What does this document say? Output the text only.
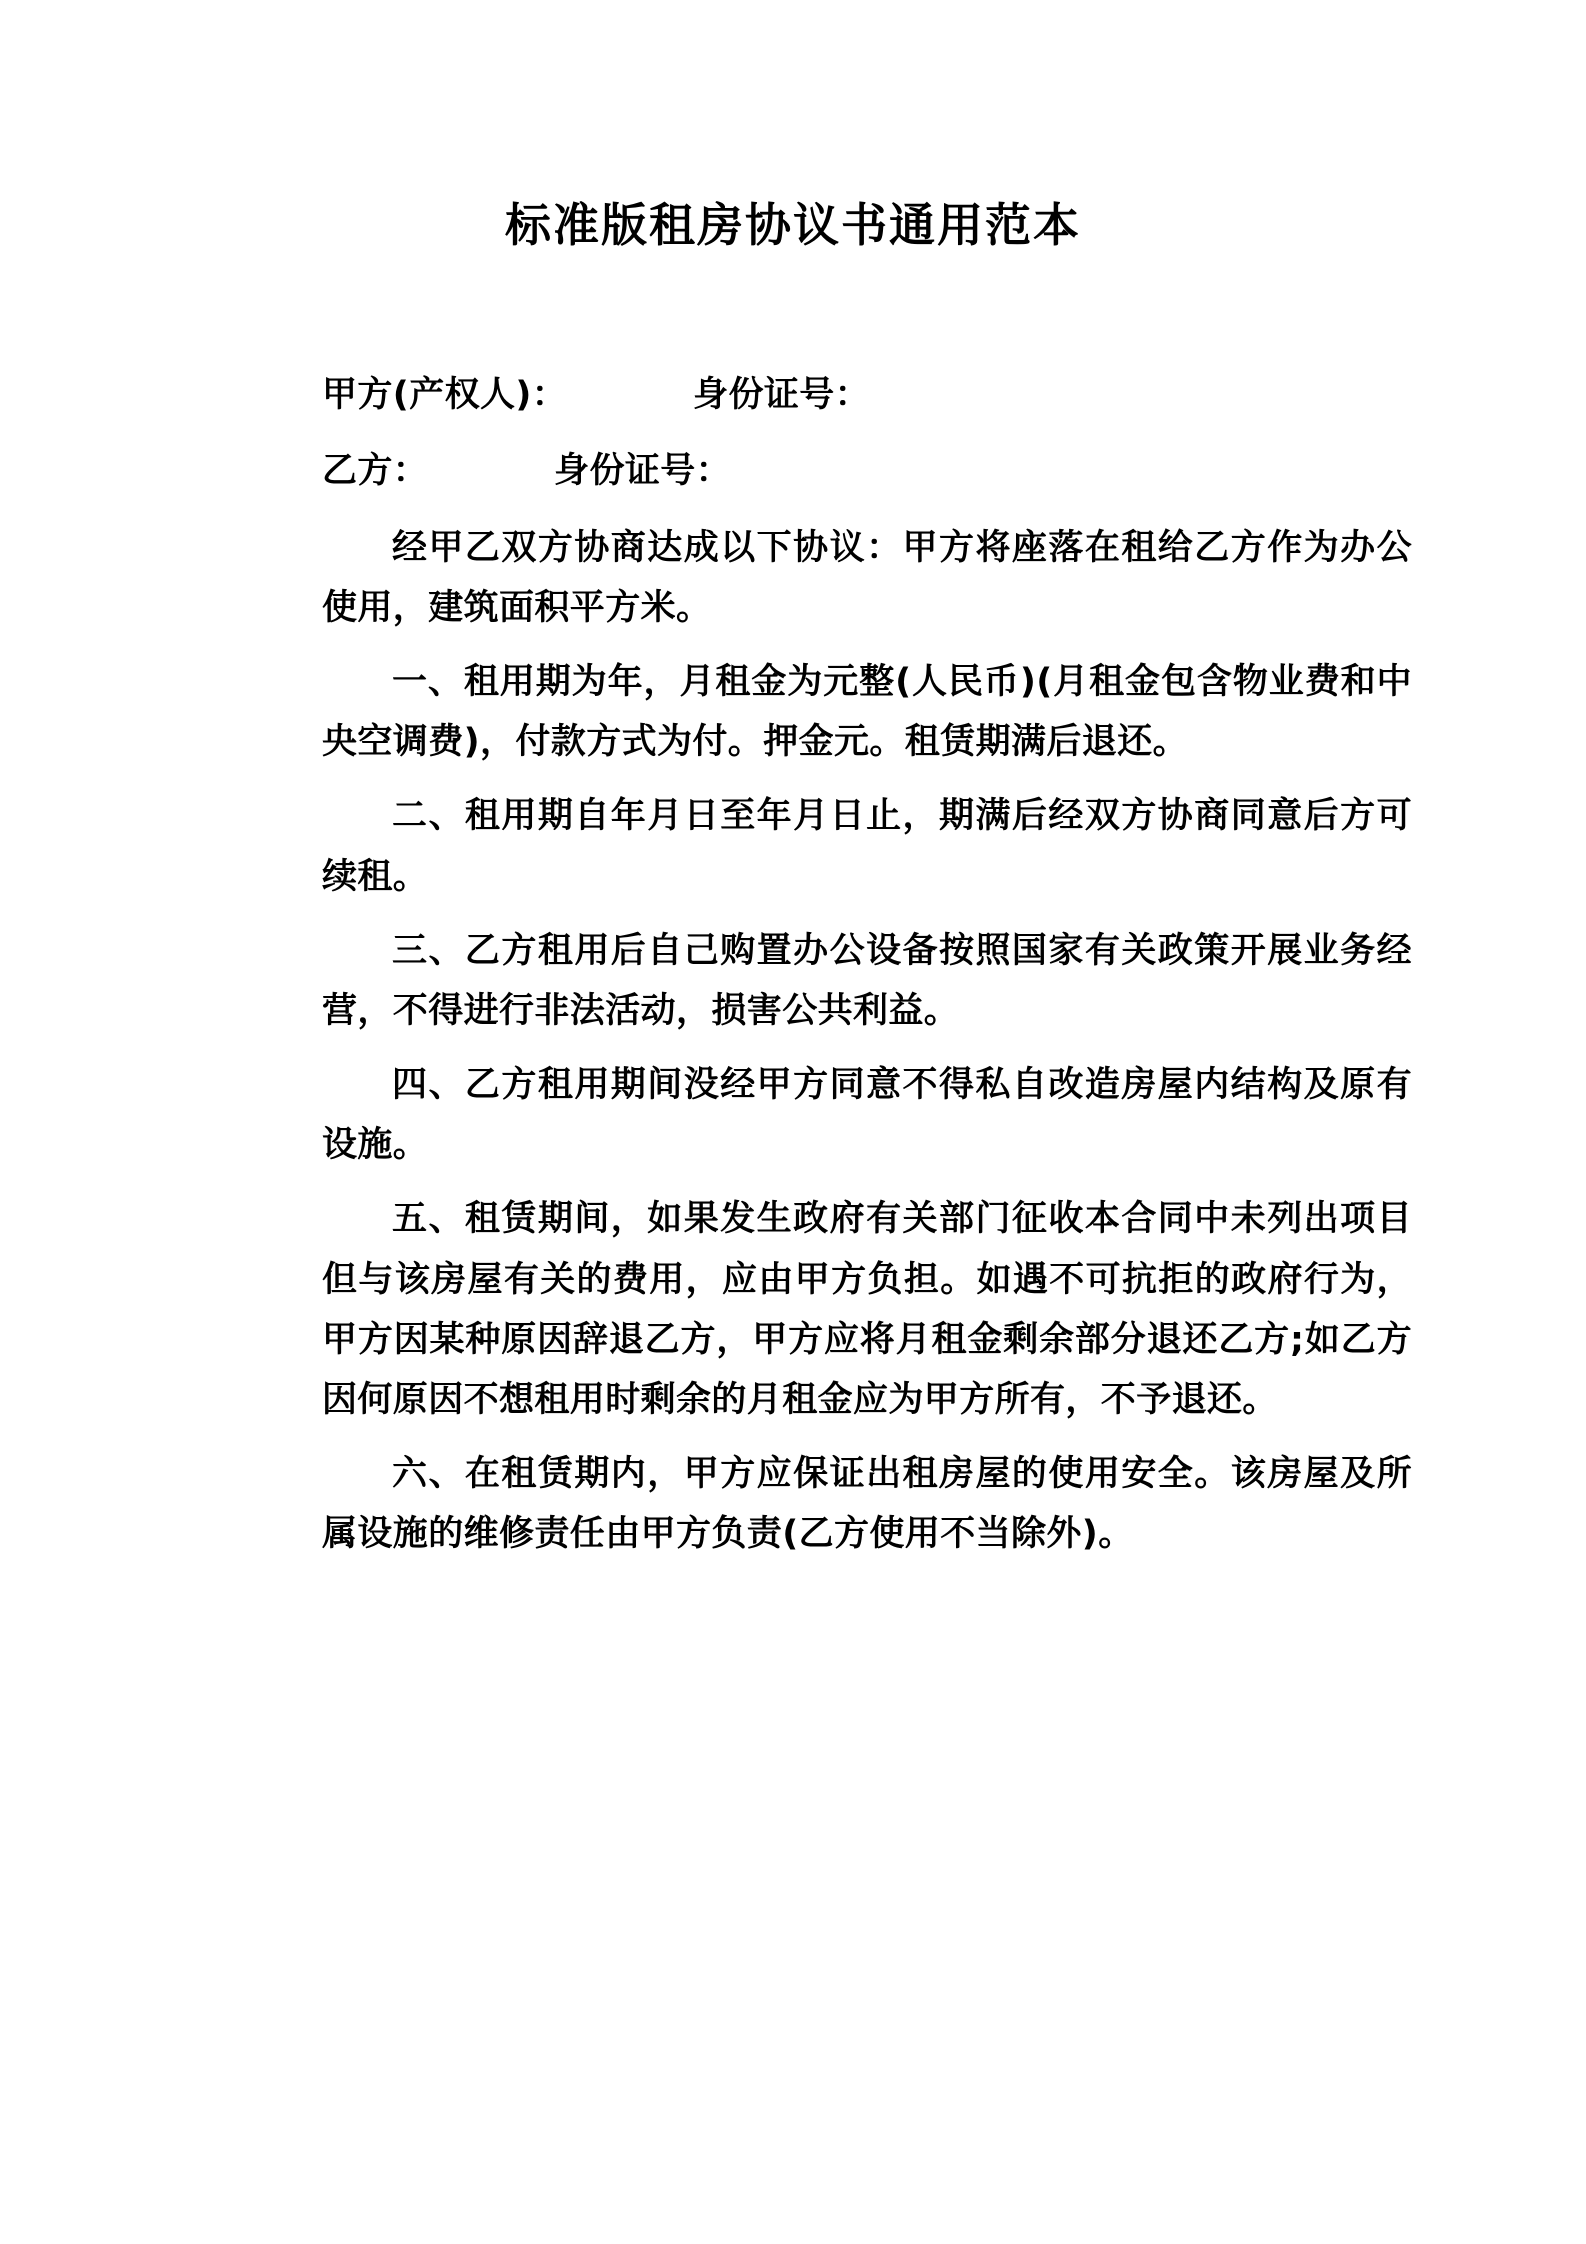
标准版租房协议书通用范本

甲方(产权人)：          身份证号：

乙方：          身份证号：

经甲乙双方协商达成以下协议：甲方将座落在租给乙方作为办公使用，建筑面积平方米。

一、租用期为年，月租金为元整(人民币)(月租金包含物业费和中央空调费)，付款方式为付。押金元。租赁期满后退还。

二、租用期自年月日至年月日止，期满后经双方协商同意后方可续租。

三、乙方租用后自己购置办公设备按照国家有关政策开展业务经营，不得进行非法活动，损害公共利益。

四、乙方租用期间没经甲方同意不得私自改造房屋内结构及原有设施。

五、租赁期间，如果发生政府有关部门征收本合同中未列出项目但与该房屋有关的费用，应由甲方负担。如遇不可抗拒的政府行为，甲方因某种原因辞退乙方，甲方应将月租金剩余部分退还乙方;如乙方因何原因不想租用时剩余的月租金应为甲方所有，不予退还。

六、在租赁期内，甲方应保证出租房屋的使用安全。该房屋及所属设施的维修责任由甲方负责(乙方使用不当除外)。
